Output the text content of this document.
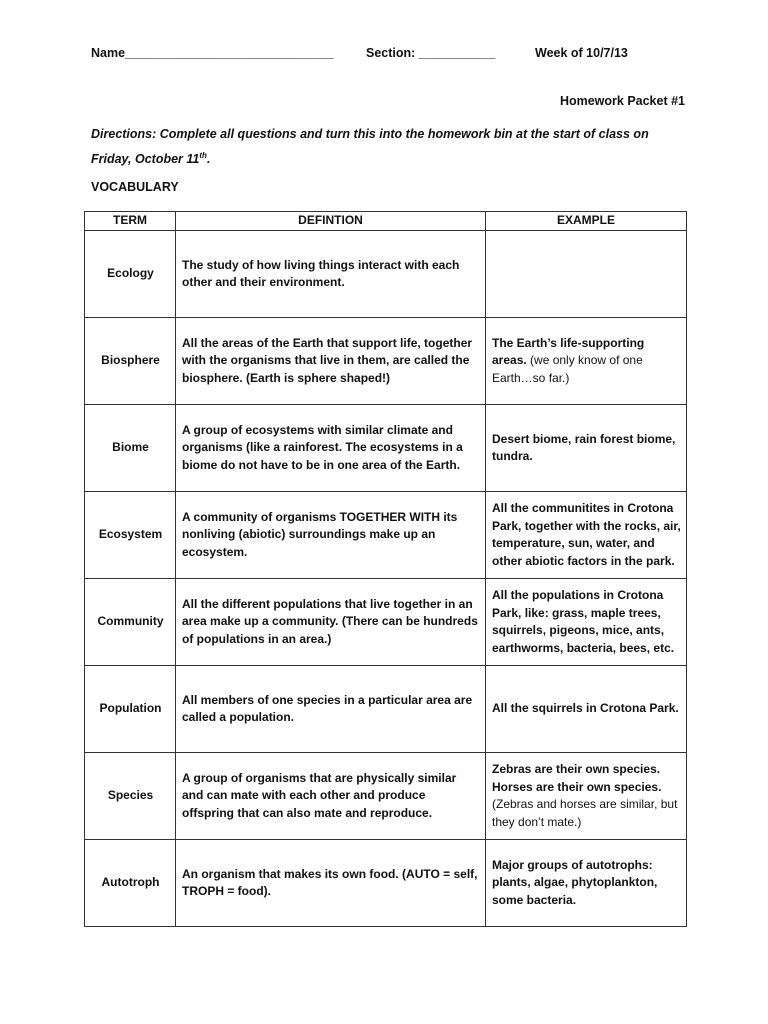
Name______________________________	Section: ___________	Week of 10/7/13
Homework Packet #1
Directions: Complete all questions and turn this into the homework bin at the start of class on Friday, October 11th.
VOCABULARY
TERM	DEFINTION	EXAMPLE
Ecology	The study of how living things interact with each other and their environment.	
Biosphere	All the areas of the Earth that support life, together with the organisms that live in them, are called the biosphere. (Earth is sphere shaped!)	The Earth’s life-supporting areas. (we only know of one Earth…so far.)
Biome	A group of ecosystems with similar climate and organisms (like a rainforest. The ecosystems in a biome do not have to be in one area of the Earth.	Desert biome, rain forest biome, tundra.
Ecosystem	A community of organisms TOGETHER WITH its nonliving (abiotic) surroundings make up an ecosystem.	All the communitites in Crotona Park, together with the rocks, air, temperature, sun, water, and other abiotic factors in the park.
Community	All the different populations that live together in an area make up a community. (There can be hundreds of populations in an area.)	All the populations in Crotona Park, like: grass, maple trees, squirrels, pigeons, mice, ants, earthworms, bacteria, bees, etc.
Population	All members of one species in a particular area are called a population.	All the squirrels in Crotona Park.
Species	A group of organisms that are physically similar and can mate with each other and produce offspring that can also mate and reproduce.	Zebras are their own species. Horses are their own species. (Zebras and horses are similar, but they don’t mate.)
Autotroph	An organism that makes its own food. (AUTO = self, TROPH = food).	Major groups of autotrophs: plants, algae, phytoplankton, some bacteria.
